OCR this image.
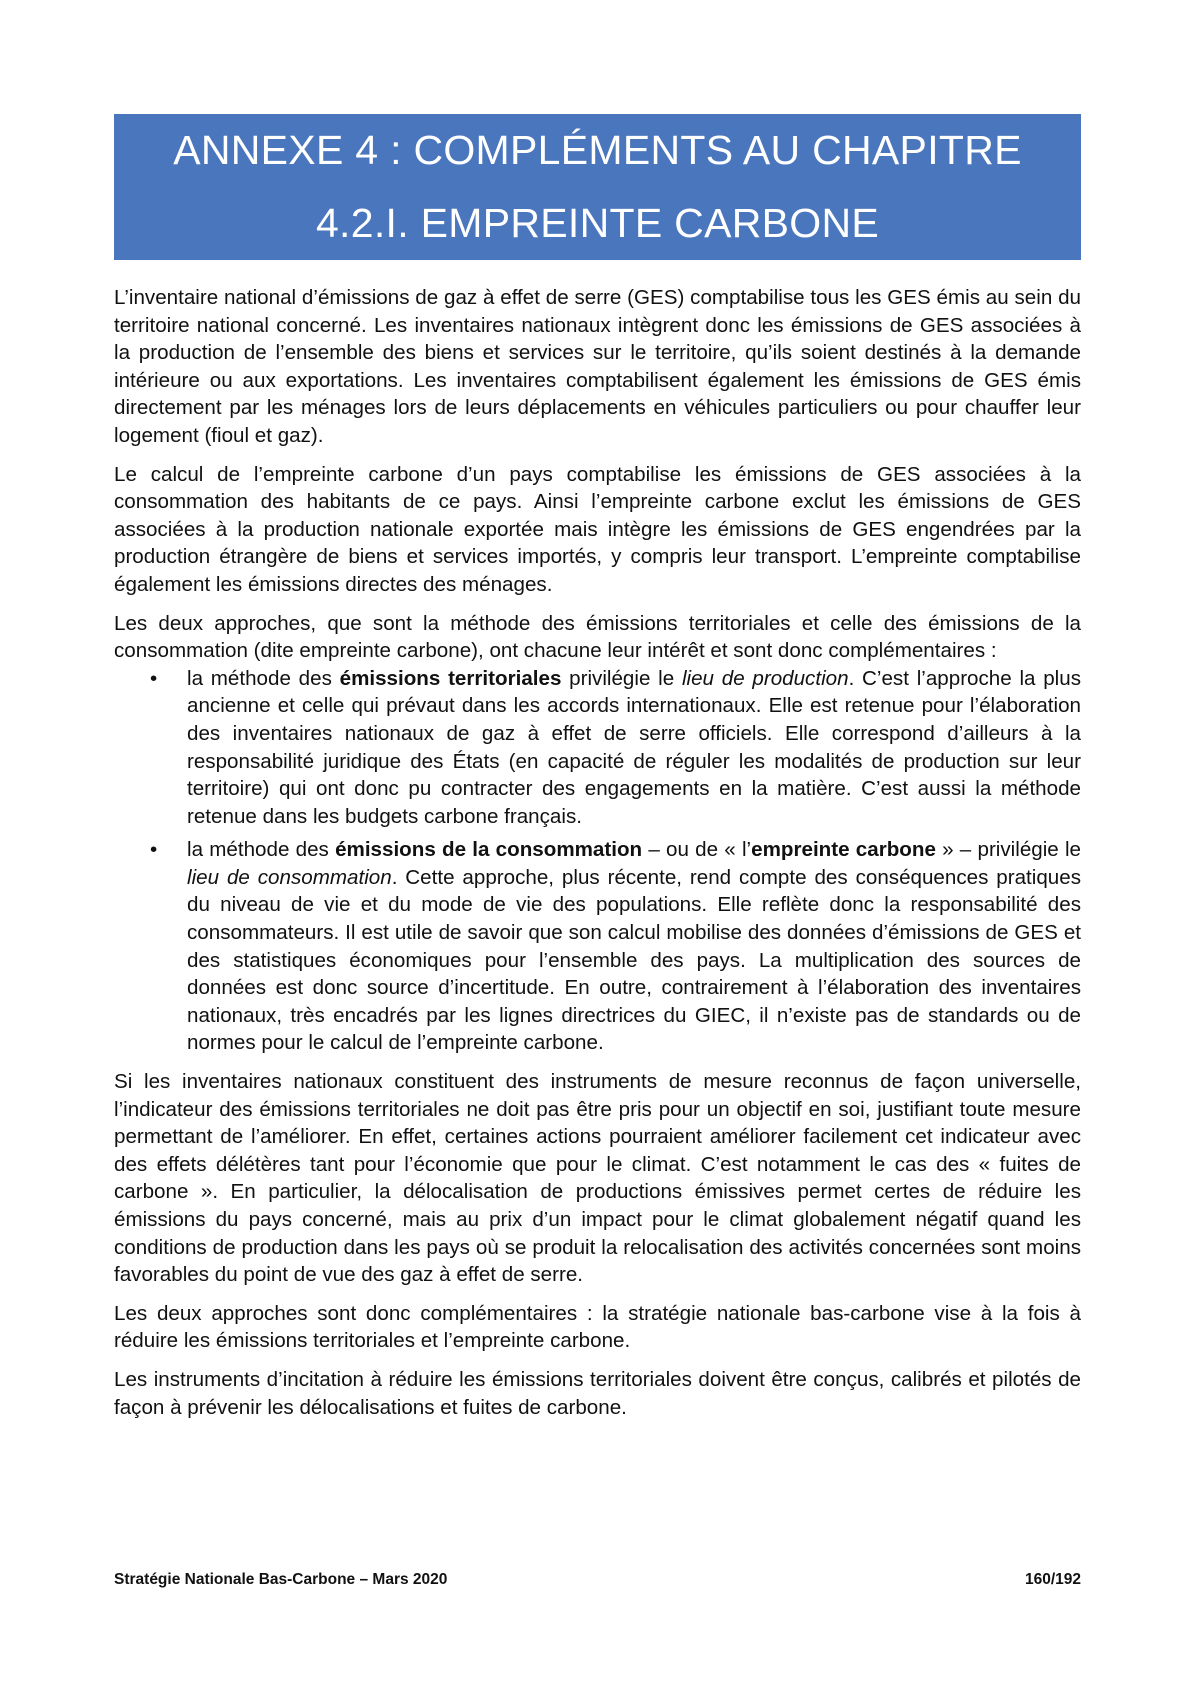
ANNEXE 4 : COMPLÉMENTS AU CHAPITRE
4.2.I. EMPREINTE CARBONE

L’inventaire national d’émissions de gaz à effet de serre (GES) comptabilise tous les GES émis au sein du territoire national concerné. Les inventaires nationaux intègrent donc les émissions de GES associées à la production de l’ensemble des biens et services sur le territoire, qu’ils soient destinés à la demande intérieure ou aux exportations. Les inventaires comptabilisent également les émissions de GES émis directement par les ménages lors de leurs déplacements en véhicules particuliers ou pour chauffer leur logement (fioul et gaz).

Le calcul de l’empreinte carbone d’un pays comptabilise les émissions de GES associées à la consommation des habitants de ce pays. Ainsi l’empreinte carbone exclut les émissions de GES associées à la production nationale exportée mais intègre les émissions de GES engendrées par la production étrangère de biens et services importés, y compris leur transport. L’empreinte comptabilise également les émissions directes des ménages.

Les deux approches, que sont la méthode des émissions territoriales et celle des émissions de la consommation (dite empreinte carbone), ont chacune leur intérêt et sont donc complémentaires :

• la méthode des émissions territoriales privilégie le lieu de production. C’est l’approche la plus ancienne et celle qui prévaut dans les accords internationaux. Elle est retenue pour l’élaboration des inventaires nationaux de gaz à effet de serre officiels. Elle correspond d’ailleurs à la responsabilité juridique des États (en capacité de réguler les modalités de production sur leur territoire) qui ont donc pu contracter des engagements en la matière. C’est aussi la méthode retenue dans les budgets carbone français.
• la méthode des émissions de la consommation – ou de « l’empreinte carbone » – privilégie le lieu de consommation. Cette approche, plus récente, rend compte des conséquences pratiques du niveau de vie et du mode de vie des populations. Elle reflète donc la responsabilité des consommateurs. Il est utile de savoir que son calcul mobilise des données d’émissions de GES et des statistiques économiques pour l’ensemble des pays. La multiplication des sources de données est donc source d’incertitude. En outre, contrairement à l’élaboration des inventaires nationaux, très encadrés par les lignes directrices du GIEC, il n’existe pas de standards ou de normes pour le calcul de l’empreinte carbone.

Si les inventaires nationaux constituent des instruments de mesure reconnus de façon universelle, l’indicateur des émissions territoriales ne doit pas être pris pour un objectif en soi, justifiant toute mesure permettant de l’améliorer. En effet, certaines actions pourraient améliorer facilement cet indicateur avec des effets délétères tant pour l’économie que pour le climat. C’est notamment le cas des « fuites de carbone ». En particulier, la délocalisation de productions émissives permet certes de réduire les émissions du pays concerné, mais au prix d’un impact pour le climat globalement négatif quand les conditions de production dans les pays où se produit la relocalisation des activités concernées sont moins favorables du point de vue des gaz à effet de serre.

Les deux approches sont donc complémentaires : la stratégie nationale bas-carbone vise à la fois à réduire les émissions territoriales et l’empreinte carbone.

Les instruments d’incitation à réduire les émissions territoriales doivent être conçus, calibrés et pilotés de façon à prévenir les délocalisations et fuites de carbone.

Stratégie Nationale Bas-Carbone – Mars 2020	160/192
